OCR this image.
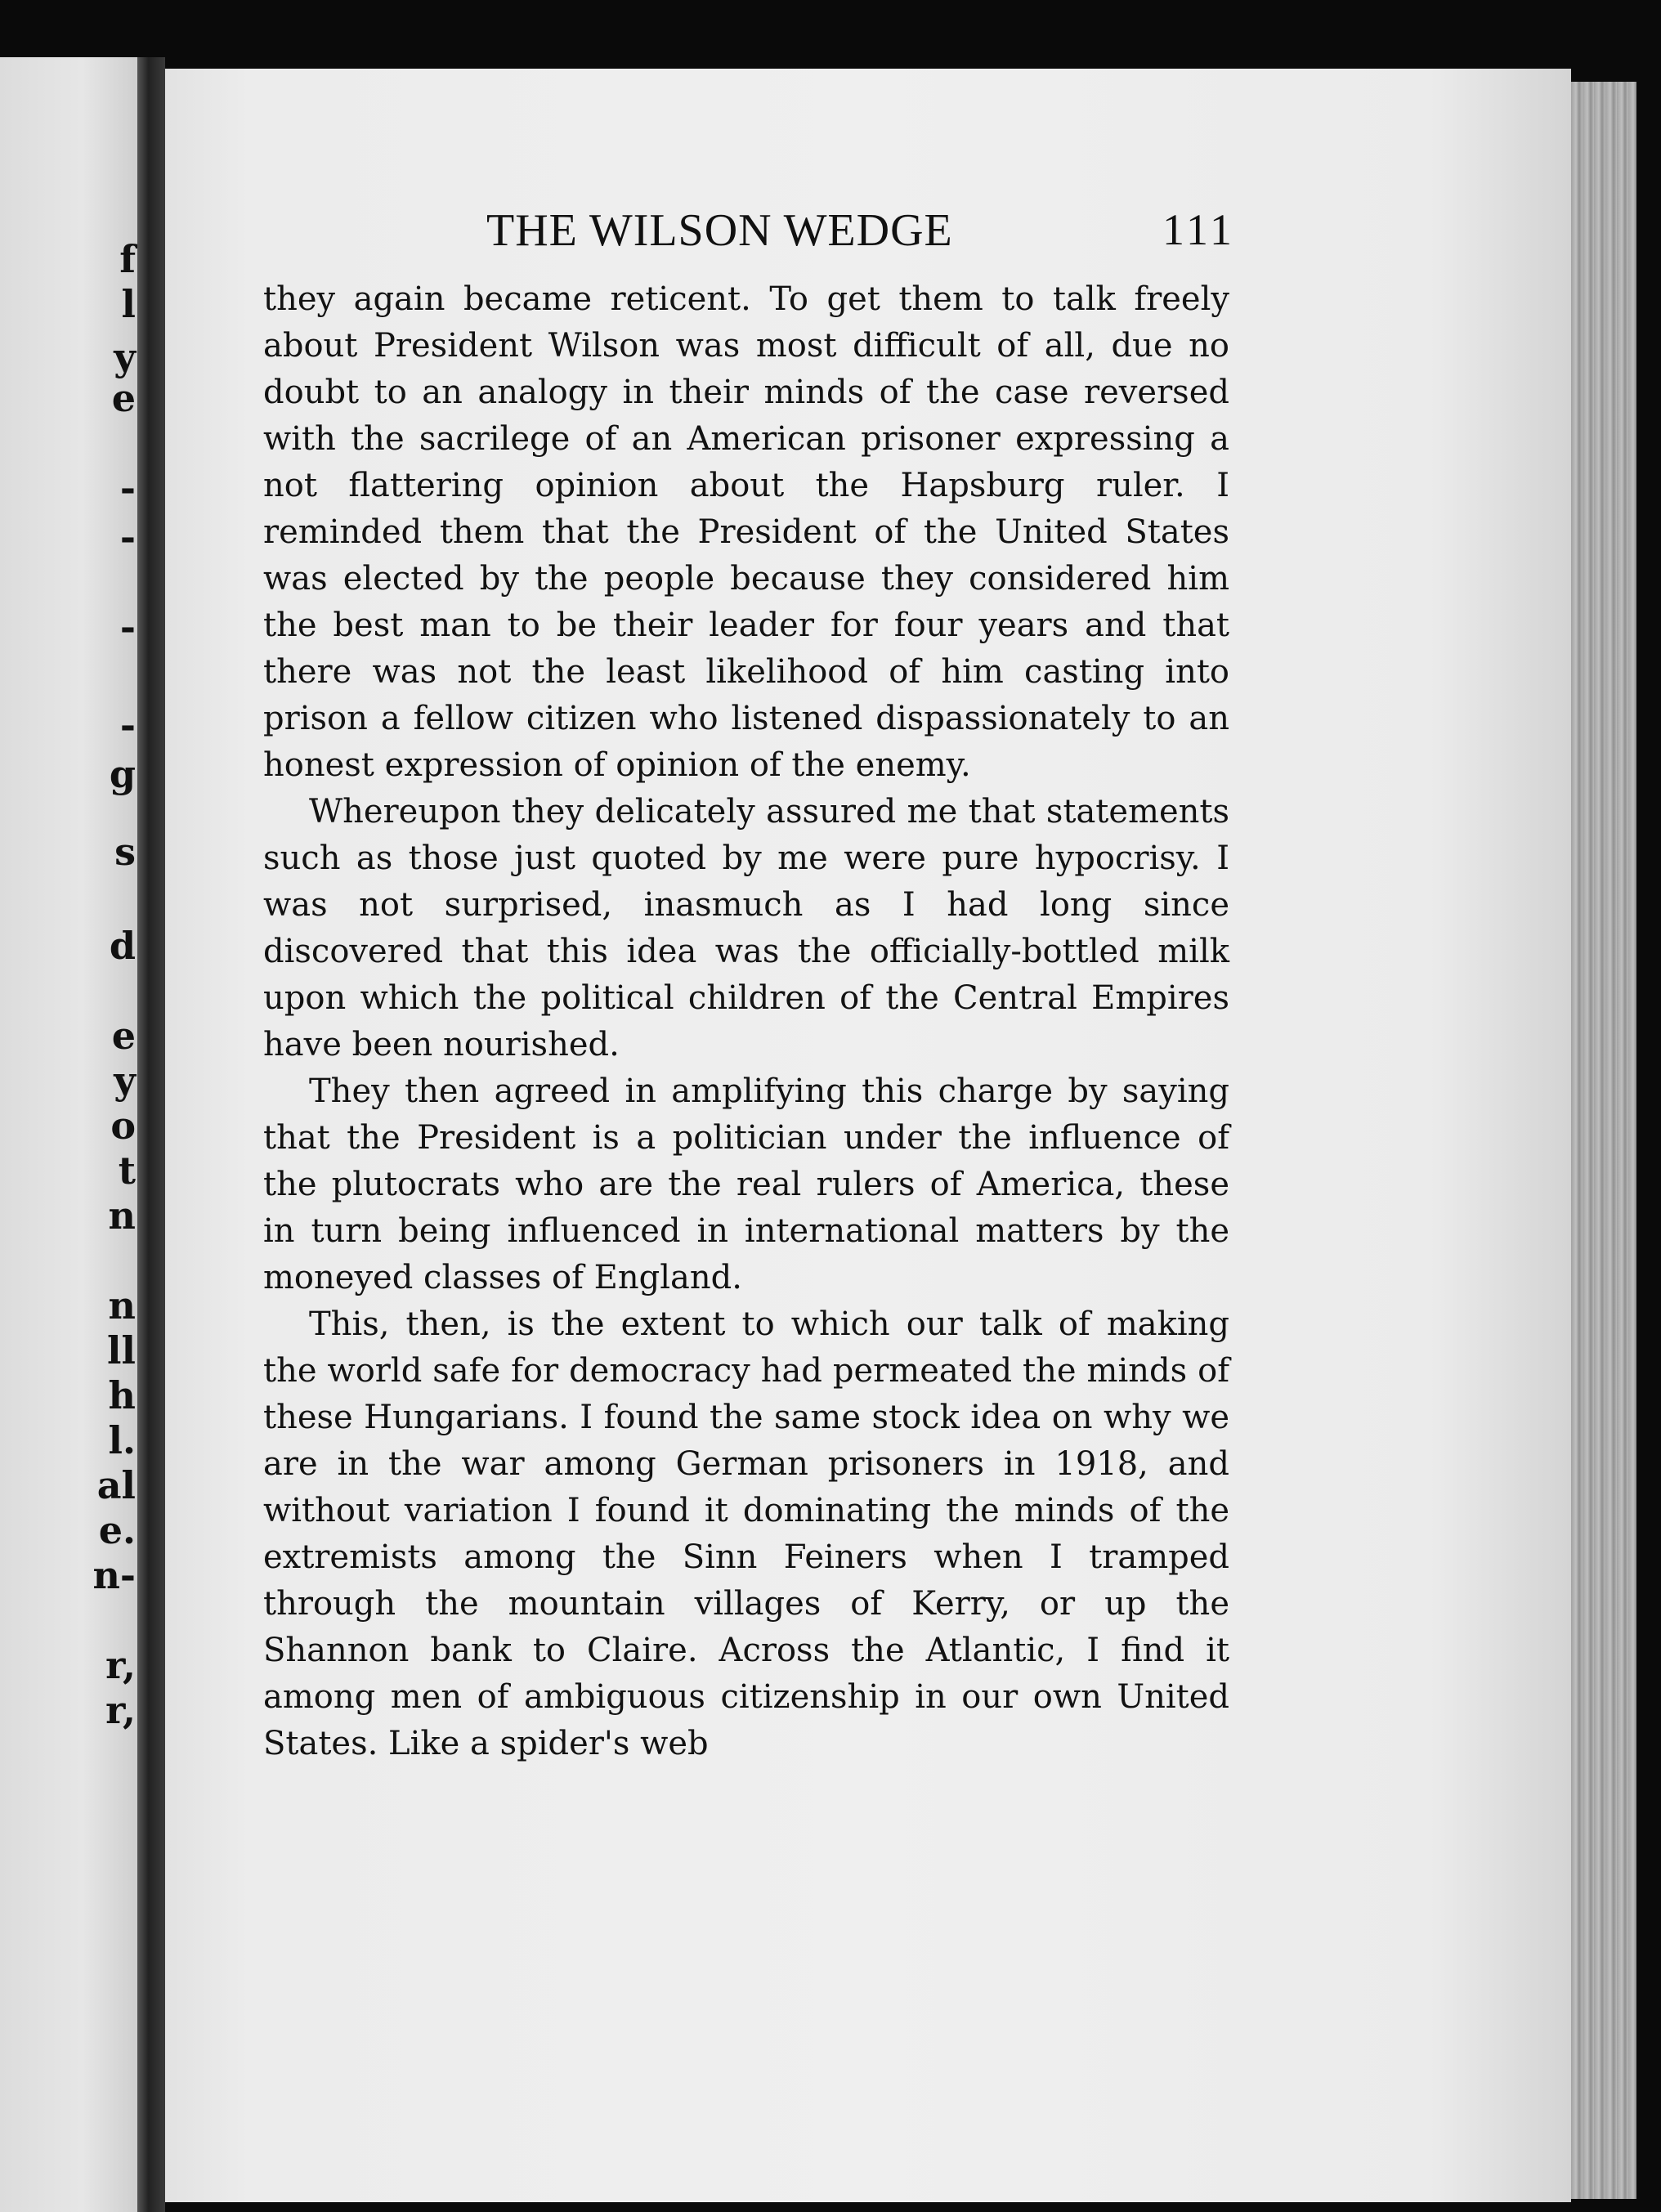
f
l
y
e
-
-
-
-
g
s
d
e
y
o
t
n
n
ll
h
l.
al
e.
n-
r,
r,
THE WILSON WEDGE	111

they again became reticent. To get them to talk freely about President Wilson was most difficult of all, due no doubt to an analogy in their minds of the case reversed with the sacrilege of an American prisoner expressing a not flattering opinion about the Hapsburg ruler. I reminded them that the President of the United States was elected by the people because they considered him the best man to be their leader for four years and that there was not the least likelihood of him casting into prison a fellow citizen who listened dispassionately to an honest expression of opinion of the enemy.

Whereupon they delicately assured me that statements such as those just quoted by me were pure hypocrisy. I was not surprised, inasmuch as I had long since discovered that this idea was the officially-bottled milk upon which the political children of the Central Empires have been nourished.

They then agreed in amplifying this charge by saying that the President is a politician under the influence of the plutocrats who are the real rulers of America, these in turn being influenced in international matters by the moneyed classes of England.

This, then, is the extent to which our talk of making the world safe for democracy had permeated the minds of these Hungarians. I found the same stock idea on why we are in the war among German prisoners in 1918, and without variation I found it dominating the minds of the extremists among the Sinn Feiners when I tramped through the mountain villages of Kerry, or up the Shannon bank to Claire. Across the Atlantic, I find it among men of ambiguous citizenship in our own United States. Like a spider's web
